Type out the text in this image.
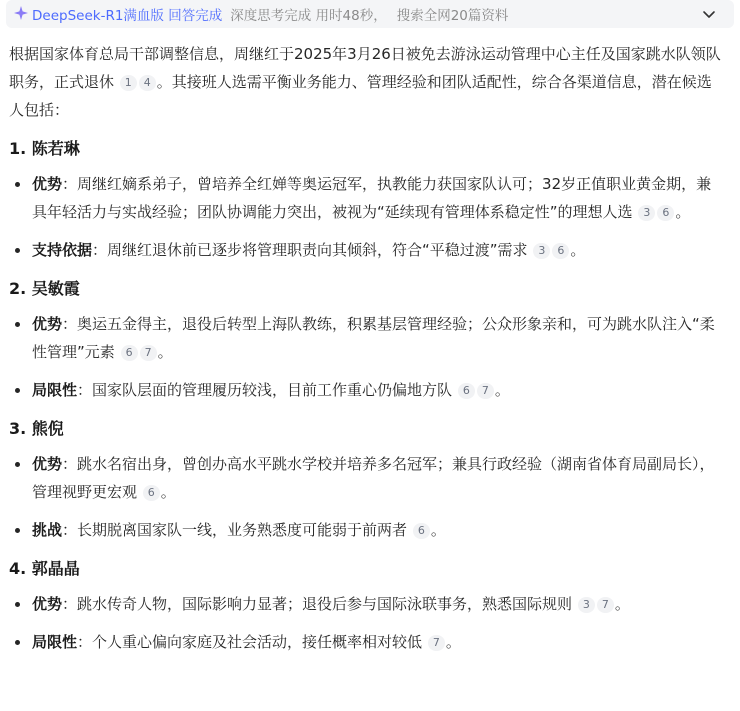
DeepSeek-R1满血版 回答完成 深度思考完成 用时48秒， 搜索全网20篇资料

根据国家体育总局干部调整信息，周继红于2025年3月26日被免去游泳运动管理中心主任及国家跳水队领队职务，正式退休 1 4 。其接班人选需平衡业务能力、管理经验和团队适配性，综合各渠道信息，潜在候选人包括：

1. 陈若琳
优势：周继红嫡系弟子，曾培养全红婵等奥运冠军，执教能力获国家队认可；32岁正值职业黄金期，兼具年轻活力与实战经验；团队协调能力突出，被视为“延续现有管理体系稳定性”的理想人选 3 6 。
支持依据：周继红退休前已逐步将管理职责向其倾斜，符合“平稳过渡”需求 3 6 。
2. 吴敏霞
优势：奥运五金得主，退役后转型上海队教练，积累基层管理经验；公众形象亲和，可为跳水队注入“柔性管理”元素 6 7 。
局限性：国家队层面的管理履历较浅，目前工作重心仍偏地方队 6 7 。
3. 熊倪
优势：跳水名宿出身，曾创办高水平跳水学校并培养多名冠军；兼具行政经验（湖南省体育局副局长），管理视野更宏观 6 。
挑战：长期脱离国家队一线，业务熟悉度可能弱于前两者 6 。
4. 郭晶晶
优势：跳水传奇人物，国际影响力显著；退役后参与国际泳联事务，熟悉国际规则 3 7 。
局限性：个人重心偏向家庭及社会活动，接任概率相对较低 7 。
